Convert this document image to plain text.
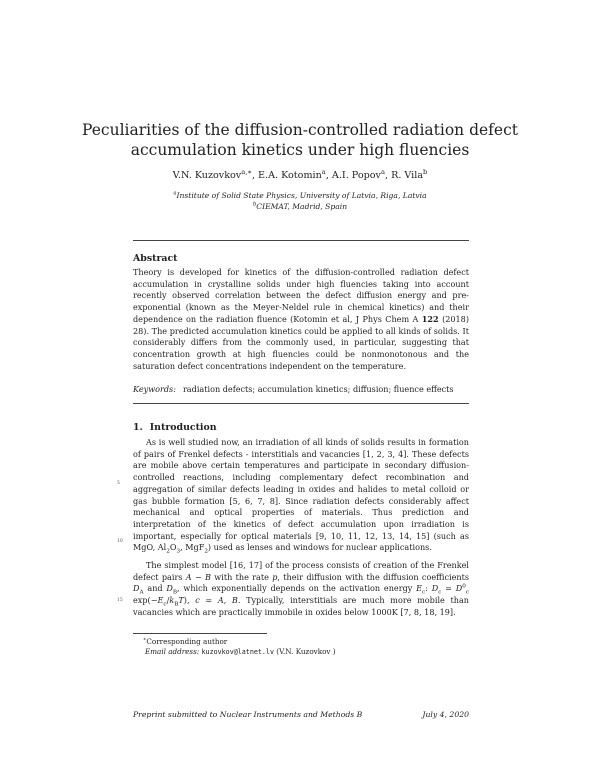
Peculiarities of the diffusion-controlled radiation defect accumulation kinetics under high fluencies
V.N. Kuzovkov$^{a,∗}$, E.A. Kotomin$^a$, A.I. Popov$^a$, R. Vila$^b$
$^a$Institute of Solid State Physics, University of Latvia, Riga, Latvia
$^b$CIEMAT, Madrid, Spain
Abstract

Theory is developed for kinetics of the diffusion-controlled radiation defect accumulation in crystalline solids under high fluencies taking into account recently observed correlation between the defect diffusion energy and pre-exponential (known as the Meyer-Neldel rule in chemical kinetics) and their dependence on the radiation fluence (Kotomin et al, J Phys Chem A 122 (2018) 28). The predicted accumulation kinetics could be applied to all kinds of solids. It considerably differs from the commonly used, in particular, suggesting that concentration growth at high fluencies could be nonmonotonous and the saturation defect concentrations independent on the temperature.

Keywords: radiation defects; accumulation kinetics; diffusion; fluence effects
1. Introduction
5
10
15

As is well studied now, an irradiation of all kinds of solids results in formation of pairs of Frenkel defects - interstitials and vacancies [1, 2, 3, 4]. These defects are mobile above certain temperatures and participate in secondary diffusion-controlled reactions, including complementary defect recombination and aggregation of similar defects leading in oxides and halides to metal colloid or gas bubble formation [5, 6, 7, 8]. Since radiation defects considerably affect mechanical and optical properties of materials. Thus prediction and interpretation of the kinetics of defect accumulation upon irradiation is important, especially for optical materials [9, 10, 11, 12, 13, 14, 15] (such as MgO, $Al_2O_3$, MgF$_2$) used as lenses and windows for nuclear applications.

The simplest model [16, 17] of the process consists of creation of the Frenkel defect pairs A − B with the rate p, their diffusion with the diffusion coefficients $D_A$ and $D_B$, which exponentially depends on the activation energy $E_c$: $D_c = D^0_c$ $\exp(-E_c/k_BT)$, c = A, B. Typically, interstitials are much more mobile than vacancies which are practically immobile in oxides below 1000K [7, 8, 18, 19].

∗Corresponding author
Email address: kuzovkov@latnet.lv (V.N. Kuzovkov )
Preprint submitted to Nuclear Instruments and Methods B	July 4, 2020
